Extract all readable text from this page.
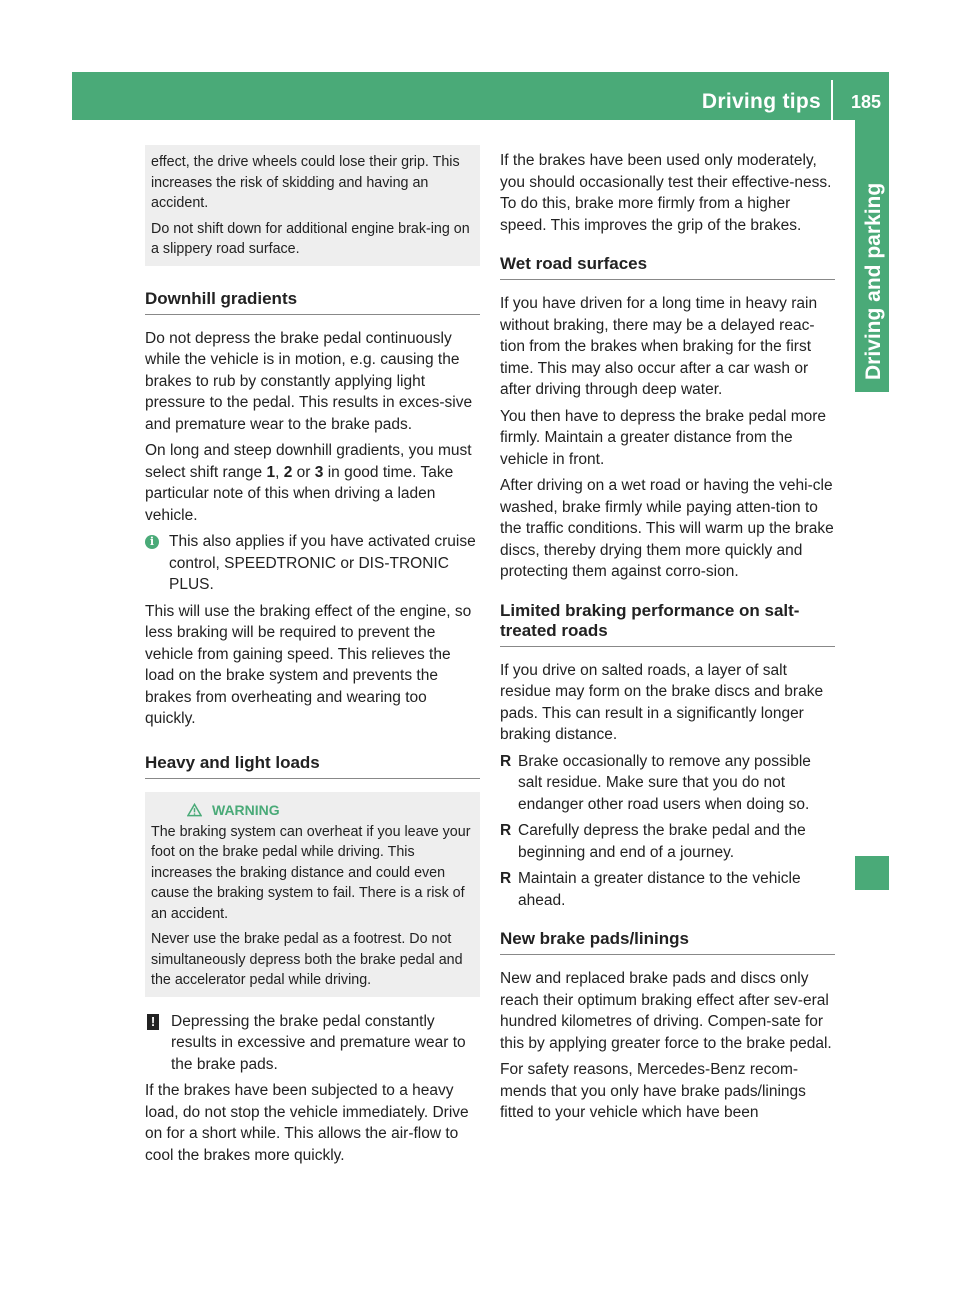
Driving tips 185
Driving and parking

effect, the drive wheels could lose their grip. This increases the risk of skidding and having an accident.

Do not shift down for additional engine brak-ing on a slippery road surface.

Downhill gradients

Do not depress the brake pedal continuously while the vehicle is in motion, e.g. causing the brakes to rub by constantly applying light pressure to the pedal. This results in exces-sive and premature wear to the brake pads.

On long and steep downhill gradients, you must select shift range 1, 2 or 3 in good time. Take particular note of this when driving a laden vehicle.

i This also applies if you have activated cruise control, SPEEDTRONIC or DIS-TRONIC PLUS.

This will use the braking effect of the engine, so less braking will be required to prevent the vehicle from gaining speed. This relieves the load on the brake system and prevents the brakes from overheating and wearing too quickly.

Heavy and light loads
WARNING

The braking system can overheat if you leave your foot on the brake pedal while driving. This increases the braking distance and could even cause the braking system to fail. There is a risk of an accident.

Never use the brake pedal as a footrest. Do not simultaneously depress both the brake pedal and the accelerator pedal while driving.

! Depressing the brake pedal constantly results in excessive and premature wear to the brake pads.

If the brakes have been subjected to a heavy load, do not stop the vehicle immediately. Drive on for a short while. This allows the air-flow to cool the brakes more quickly.

If the brakes have been used only moderately, you should occasionally test their effective-ness. To do this, brake more firmly from a higher speed. This improves the grip of the brakes.

Wet road surfaces

If you have driven for a long time in heavy rain without braking, there may be a delayed reac-tion from the brakes when braking for the first time. This may also occur after a car wash or after driving through deep water.

You then have to depress the brake pedal more firmly. Maintain a greater distance from the vehicle in front.

After driving on a wet road or having the vehi-cle washed, brake firmly while paying atten-tion to the traffic conditions. This will warm up the brake discs, thereby drying them more quickly and protecting them against corro-sion.

Limited braking performance on salt-treated roads

If you drive on salted roads, a layer of salt residue may form on the brake discs and brake pads. This can result in a significantly longer braking distance.

R Brake occasionally to remove any possible salt residue. Make sure that you do not endanger other road users when doing so.
R Carefully depress the brake pedal and the beginning and end of a journey.
R Maintain a greater distance to the vehicle ahead.
New brake pads/linings

New and replaced brake pads and discs only reach their optimum braking effect after sev-eral hundred kilometres of driving. Compen-sate for this by applying greater force to the brake pedal.

For safety reasons, Mercedes-Benz recom-mends that you only have brake pads/linings fitted to your vehicle which have been
